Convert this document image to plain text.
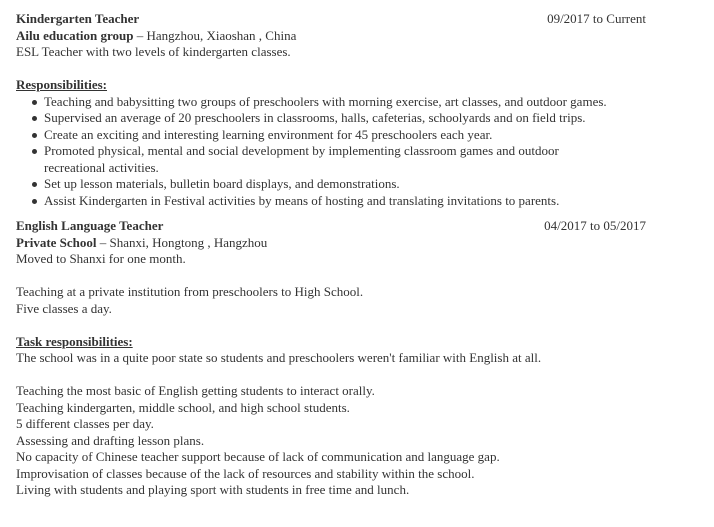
Kindergarten Teacher	09/2017 to Current
Ailu education group – Hangzhou, Xiaoshan , China
ESL Teacher with two levels of kindergarten classes.
Responsibilities:
Teaching and babysitting two groups of preschoolers with morning exercise, art classes, and outdoor games.
Supervised an average of 20 preschoolers in classrooms, halls, cafeterias, schoolyards and on field trips.
Create an exciting and interesting learning environment for 45 preschoolers each year.
Promoted physical, mental and social development by implementing classroom games and outdoor recreational activities.
Set up lesson materials, bulletin board displays, and demonstrations.
Assist Kindergarten in Festival activities by means of hosting and translating invitations to parents.
English Language Teacher	04/2017 to 05/2017
Private School – Shanxi, Hongtong , Hangzhou
Moved to Shanxi for one month.
Teaching at a private institution from preschoolers to High School.
Five classes a day.
Task responsibilities:
The school was in a quite poor state so students and preschoolers weren't familiar with English at all.
Teaching the most basic of English getting students to interact orally.
Teaching kindergarten, middle school, and high school students.
5 different classes per day.
Assessing and drafting lesson plans.
No capacity of Chinese teacher support because of lack of communication and language gap.
Improvisation of classes because of the lack of resources and stability within the school.
Living with students and playing sport with students in free time and lunch.
